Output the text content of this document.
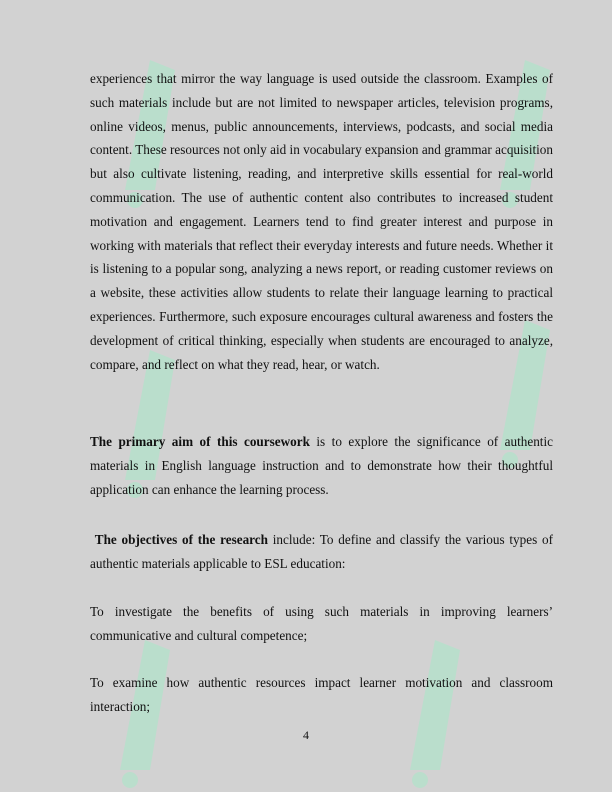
experiences that mirror the way language is used outside the classroom. Examples of such materials include but are not limited to newspaper articles, television programs, online videos, menus, public announcements, interviews, podcasts, and social media content. These resources not only aid in vocabulary expansion and grammar acquisition but also cultivate listening, reading, and interpretive skills essential for real-world communication. The use of authentic content also contributes to increased student motivation and engagement. Learners tend to find greater interest and purpose in working with materials that reflect their everyday interests and future needs. Whether it is listening to a popular song, analyzing a news report, or reading customer reviews on a website, these activities allow students to relate their language learning to practical experiences. Furthermore, such exposure encourages cultural awareness and fosters the development of critical thinking, especially when students are encouraged to analyze, compare, and reflect on what they read, hear, or watch.
The primary aim of this coursework is to explore the significance of authentic materials in English language instruction and to demonstrate how their thoughtful application can enhance the learning process.
The objectives of the research include: To define and classify the various types of authentic materials applicable to ESL education:
To investigate the benefits of using such materials in improving learners’ communicative and cultural competence;
To examine how authentic resources impact learner motivation and classroom interaction;
4
